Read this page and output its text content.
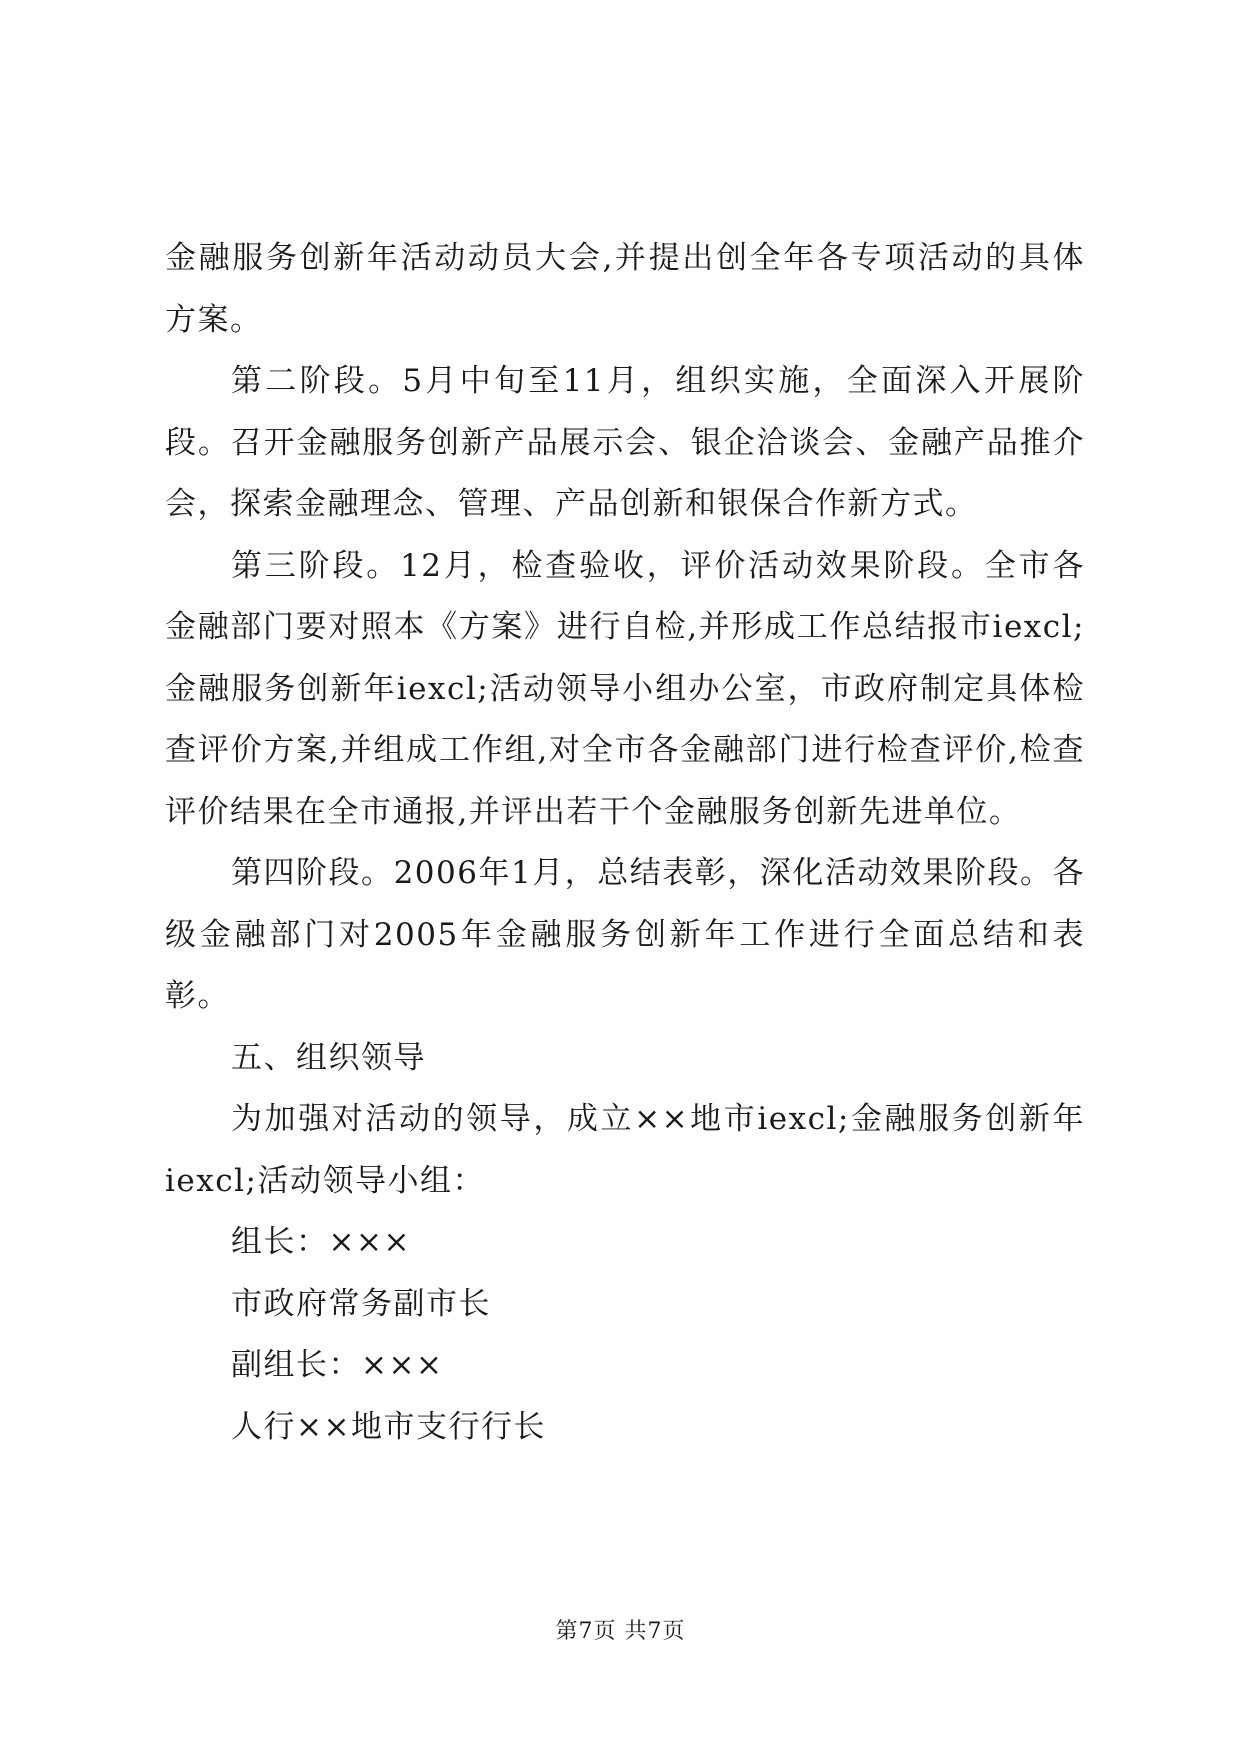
金融服务创新年活动动员大会,并提出创全年各专项活动的具体方案。

第二阶段。5月中旬至11月，组织实施，全面深入开展阶段。召开金融服务创新产品展示会、银企洽谈会、金融产品推介会，探索金融理念、管理、产品创新和银保合作新方式。

第三阶段。12月，检查验收，评价活动效果阶段。全市各金融部门要对照本《方案》进行自检,并形成工作总结报市iexcl;金融服务创新年iexcl;活动领导小组办公室，市政府制定具体检查评价方案,并组成工作组,对全市各金融部门进行检查评价,检查评价结果在全市通报,并评出若干个金融服务创新先进单位。

第四阶段。2006年1月，总结表彰，深化活动效果阶段。各级金融部门对2005年金融服务创新年工作进行全面总结和表彰。

五、组织领导

为加强对活动的领导，成立××地市iexcl;金融服务创新年iexcl;活动领导小组：

组长：×××

市政府常务副市长

副组长：×××

人行××地市支行行长

第7页 共7页
